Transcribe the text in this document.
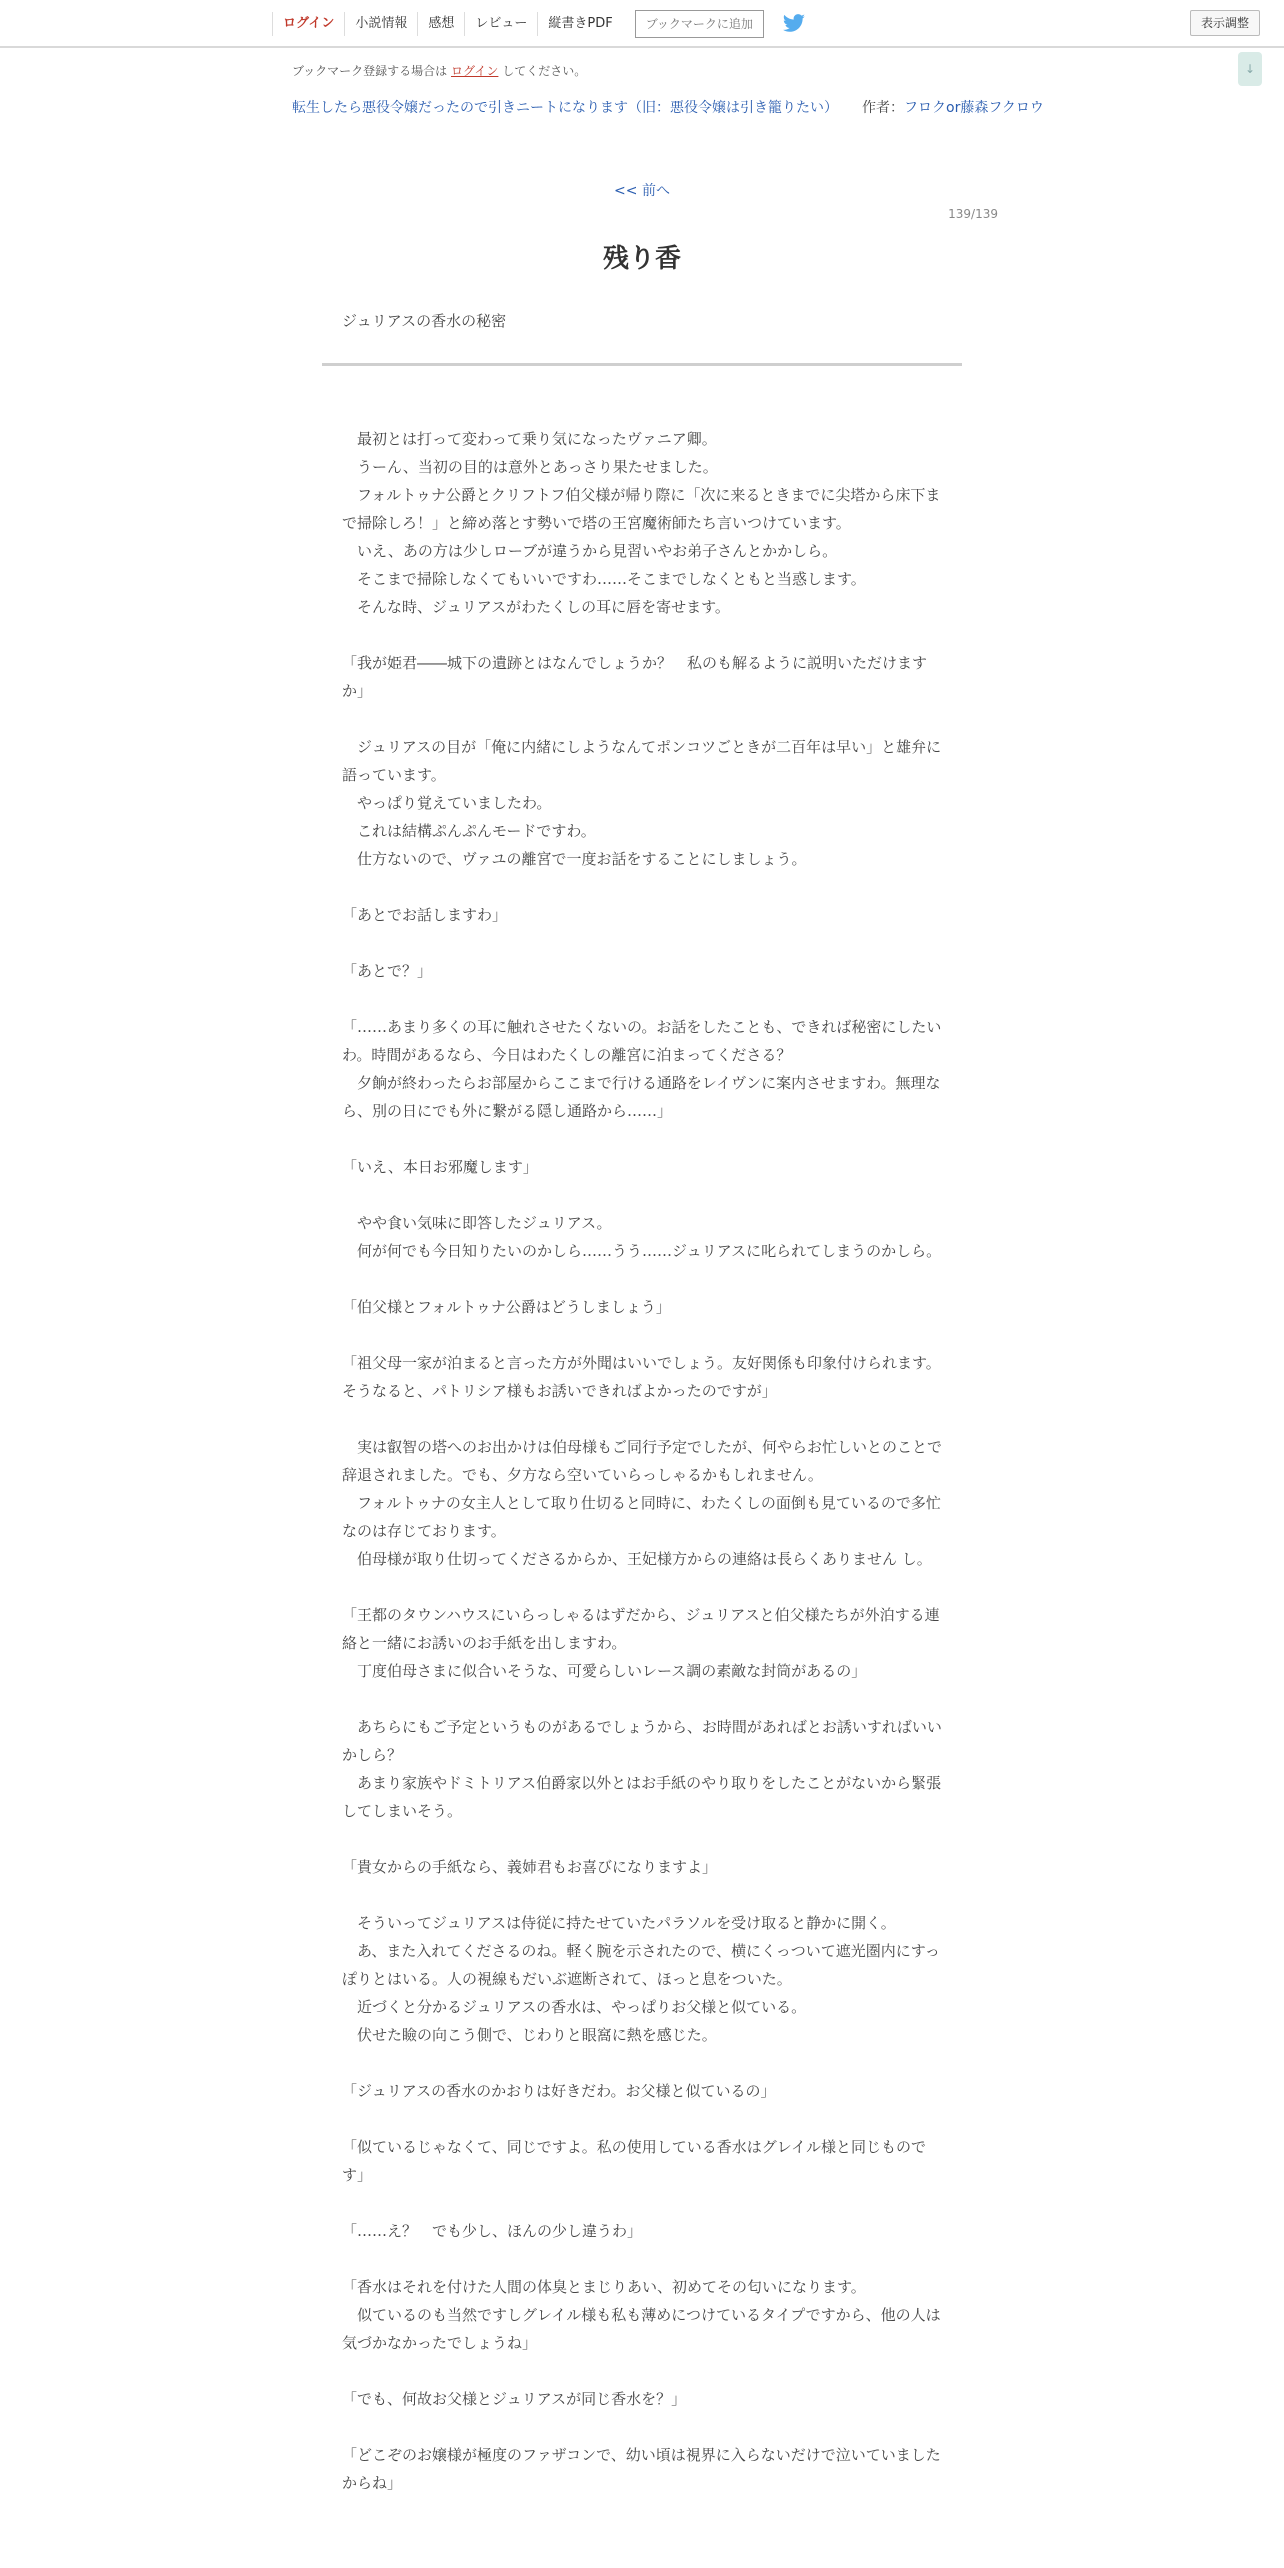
ログイン	小説情報	感想	レビュー	縦書きPDF	ブックマークに追加	表示調整
↓
ブックマーク登録する場合は ログイン してください。
転生したら悪役令嬢だったので引きニートになります（旧：悪役令嬢は引き籠りたい）	作者：フロクor藤森フクロウ
<< 前へ
139/139
残り香
ジュリアスの香水の秘密

　最初とは打って変わって乗り気になったヴァニア卿。

　うーん、当初の目的は意外とあっさり果たせました。

　フォルトゥナ公爵とクリフトフ伯父様が帰り際に「次に来るときまでに尖塔から床下まで掃除しろ！」と締め落とす勢いで塔の王宮魔術師たち言いつけています。

　いえ、あの方は少しローブが違うから見習いやお弟子さんとかかしら。

　そこまで掃除しなくてもいいですわ……そこまでしなくともと当惑します。

　そんな時、ジュリアスがわたくしの耳に唇を寄せます。

「我が姫君――城下の遺跡とはなんでしょうか？　私のも解るように説明いただけますか」

　ジュリアスの目が「俺に内緒にしようなんてポンコツごときが二百年は早い」と雄弁に語っています。

　やっぱり覚えていましたわ。

　これは結構ぷんぷんモードですわ。

　仕方ないので、ヴァユの離宮で一度お話をすることにしましょう。

「あとでお話しますわ」

「あとで？」

「……あまり多くの耳に触れさせたくないの。お話をしたことも、できれば秘密にしたいわ。時間があるなら、今日はわたくしの離宮に泊まってくださる？

　夕餉が終わったらお部屋からここまで行ける通路をレイヴンに案内させますわ。無理なら、別の日にでも外に繋がる隠し通路から……」

「いえ、本日お邪魔します」

　やや食い気味に即答したジュリアス。

　何が何でも今日知りたいのかしら……うう……ジュリアスに叱られてしまうのかしら。

「伯父様とフォルトゥナ公爵はどうしましょう」

「祖父母一家が泊まると言った方が外聞はいいでしょう。友好関係も印象付けられます。そうなると、パトリシア様もお誘いできればよかったのですが」

　実は叡智の塔へのお出かけは伯母様もご同行予定でしたが、何やらお忙しいとのことで辞退されました。でも、夕方なら空いていらっしゃるかもしれません。

　フォルトゥナの女主人として取り仕切ると同時に、わたくしの面倒も見ているので多忙なのは存じております。

　伯母様が取り仕切ってくださるからか、王妃様方からの連絡は長らくありません し。

「王都のタウンハウスにいらっしゃるはずだから、ジュリアスと伯父様たちが外泊する連絡と一緒にお誘いのお手紙を出しますわ。

　丁度伯母さまに似合いそうな、可愛らしいレース調の素敵な封筒があるの」

　あちらにもご予定というものがあるでしょうから、お時間があればとお誘いすればいいかしら？

　あまり家族やドミトリアス伯爵家以外とはお手紙のやり取りをしたことがないから緊張してしまいそう。

「貴女からの手紙なら、義姉君もお喜びになりますよ」

　そういってジュリアスは侍従に持たせていたパラソルを受け取ると静かに開く。

　あ、また入れてくださるのね。軽く腕を示されたので、横にくっついて遮光圏内にすっぽりとはいる。人の視線もだいぶ遮断されて、ほっと息をついた。

　近づくと分かるジュリアスの香水は、やっぱりお父様と似ている。

　伏せた瞼の向こう側で、じわりと眼窩に熱を感じた。

「ジュリアスの香水のかおりは好きだわ。お父様と似ているの」

「似ているじゃなくて、同じですよ。私の使用している香水はグレイル様と同じものです」

「……え？　でも少し、ほんの少し違うわ」

「香水はそれを付けた人間の体臭とまじりあい、初めてその匂いになります。

　似ているのも当然ですしグレイル様も私も薄めにつけているタイプですから、他の人は気づかなかったでしょうね」

「でも、何故お父様とジュリアスが同じ香水を？」

「どこぞのお嬢様が極度のファザコンで、幼い頃は視界に入らないだけで泣いていましたからね」
